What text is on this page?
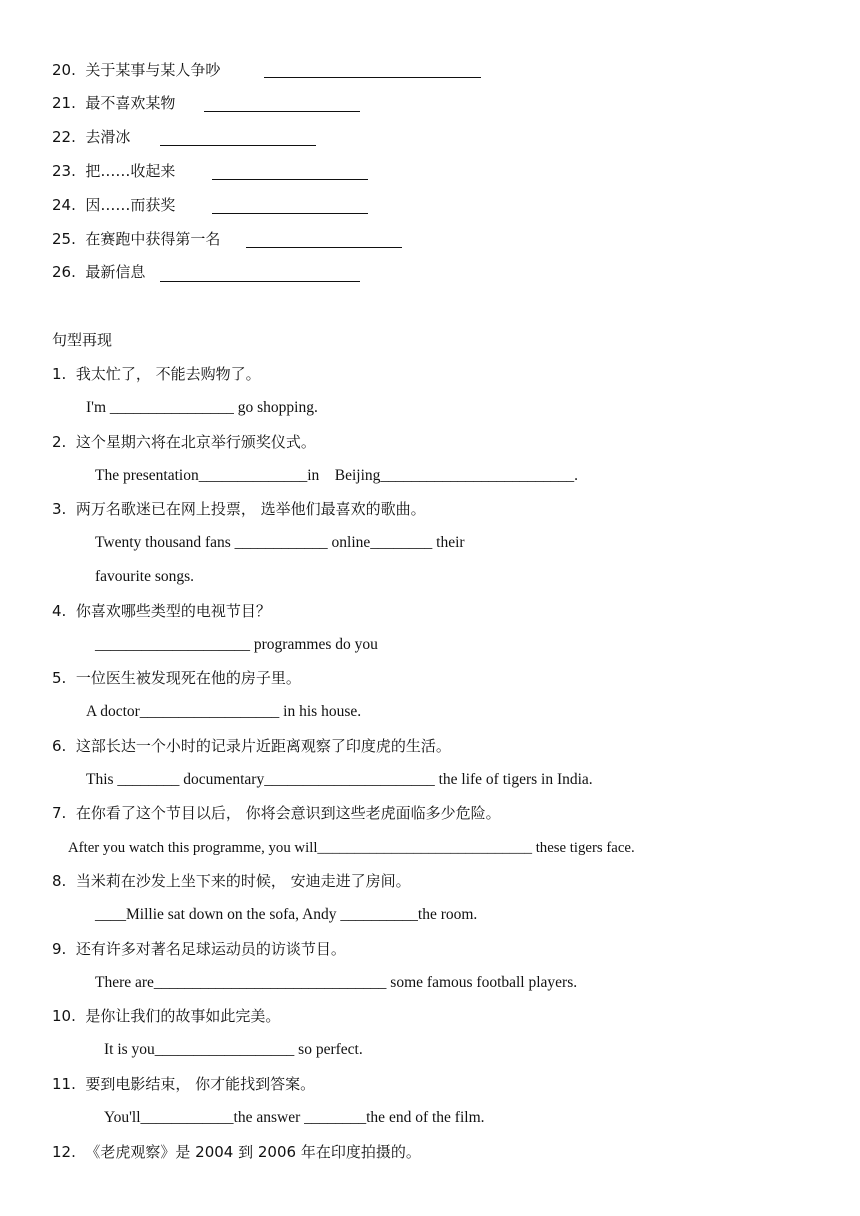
20. 关于某事与某人争吵
21. 最不喜欢某物
22. 去滑冰
23. 把……收起来
24. 因……而获奖
25. 在赛跑中获得第一名
26. 最新信息
句型再现
1. 我太忙了， 不能去购物了。
I'm ________________ go shopping.
2. 这个星期六将在北京举行颁奖仪式。
The presentation______________in    Beijing_________________________.
3. 两万名歌迷已在网上投票， 选举他们最喜欢的歌曲。
Twenty thousand fans ____________ online________ their
favourite songs.
4. 你喜欢哪些类型的电视节目？
____________________ programmes do you
5. 一位医生被发现死在他的房子里。
A doctor__________________ in his house.
6. 这部长达一个小时的记录片近距离观察了印度虎的生活。
This ________ documentary______________________ the life of tigers in India.
7. 在你看了这个节目以后， 你将会意识到这些老虎面临多少危险。
After you watch this programme, you will_____________________________ these tigers face.
8. 当米莉在沙发上坐下来的时候， 安迪走进了房间。
____Millie sat down on the sofa, Andy __________the room.
9. 还有许多对著名足球运动员的访谈节目。
There are______________________________ some famous football players.
10. 是你让我们的故事如此完美。
It is you__________________ so perfect.
11. 要到电影结束， 你才能找到答案。
You'll____________the answer ________the end of the film.
12. 《老虎观察》是 2004 到 2006 年在印度拍摄的。
